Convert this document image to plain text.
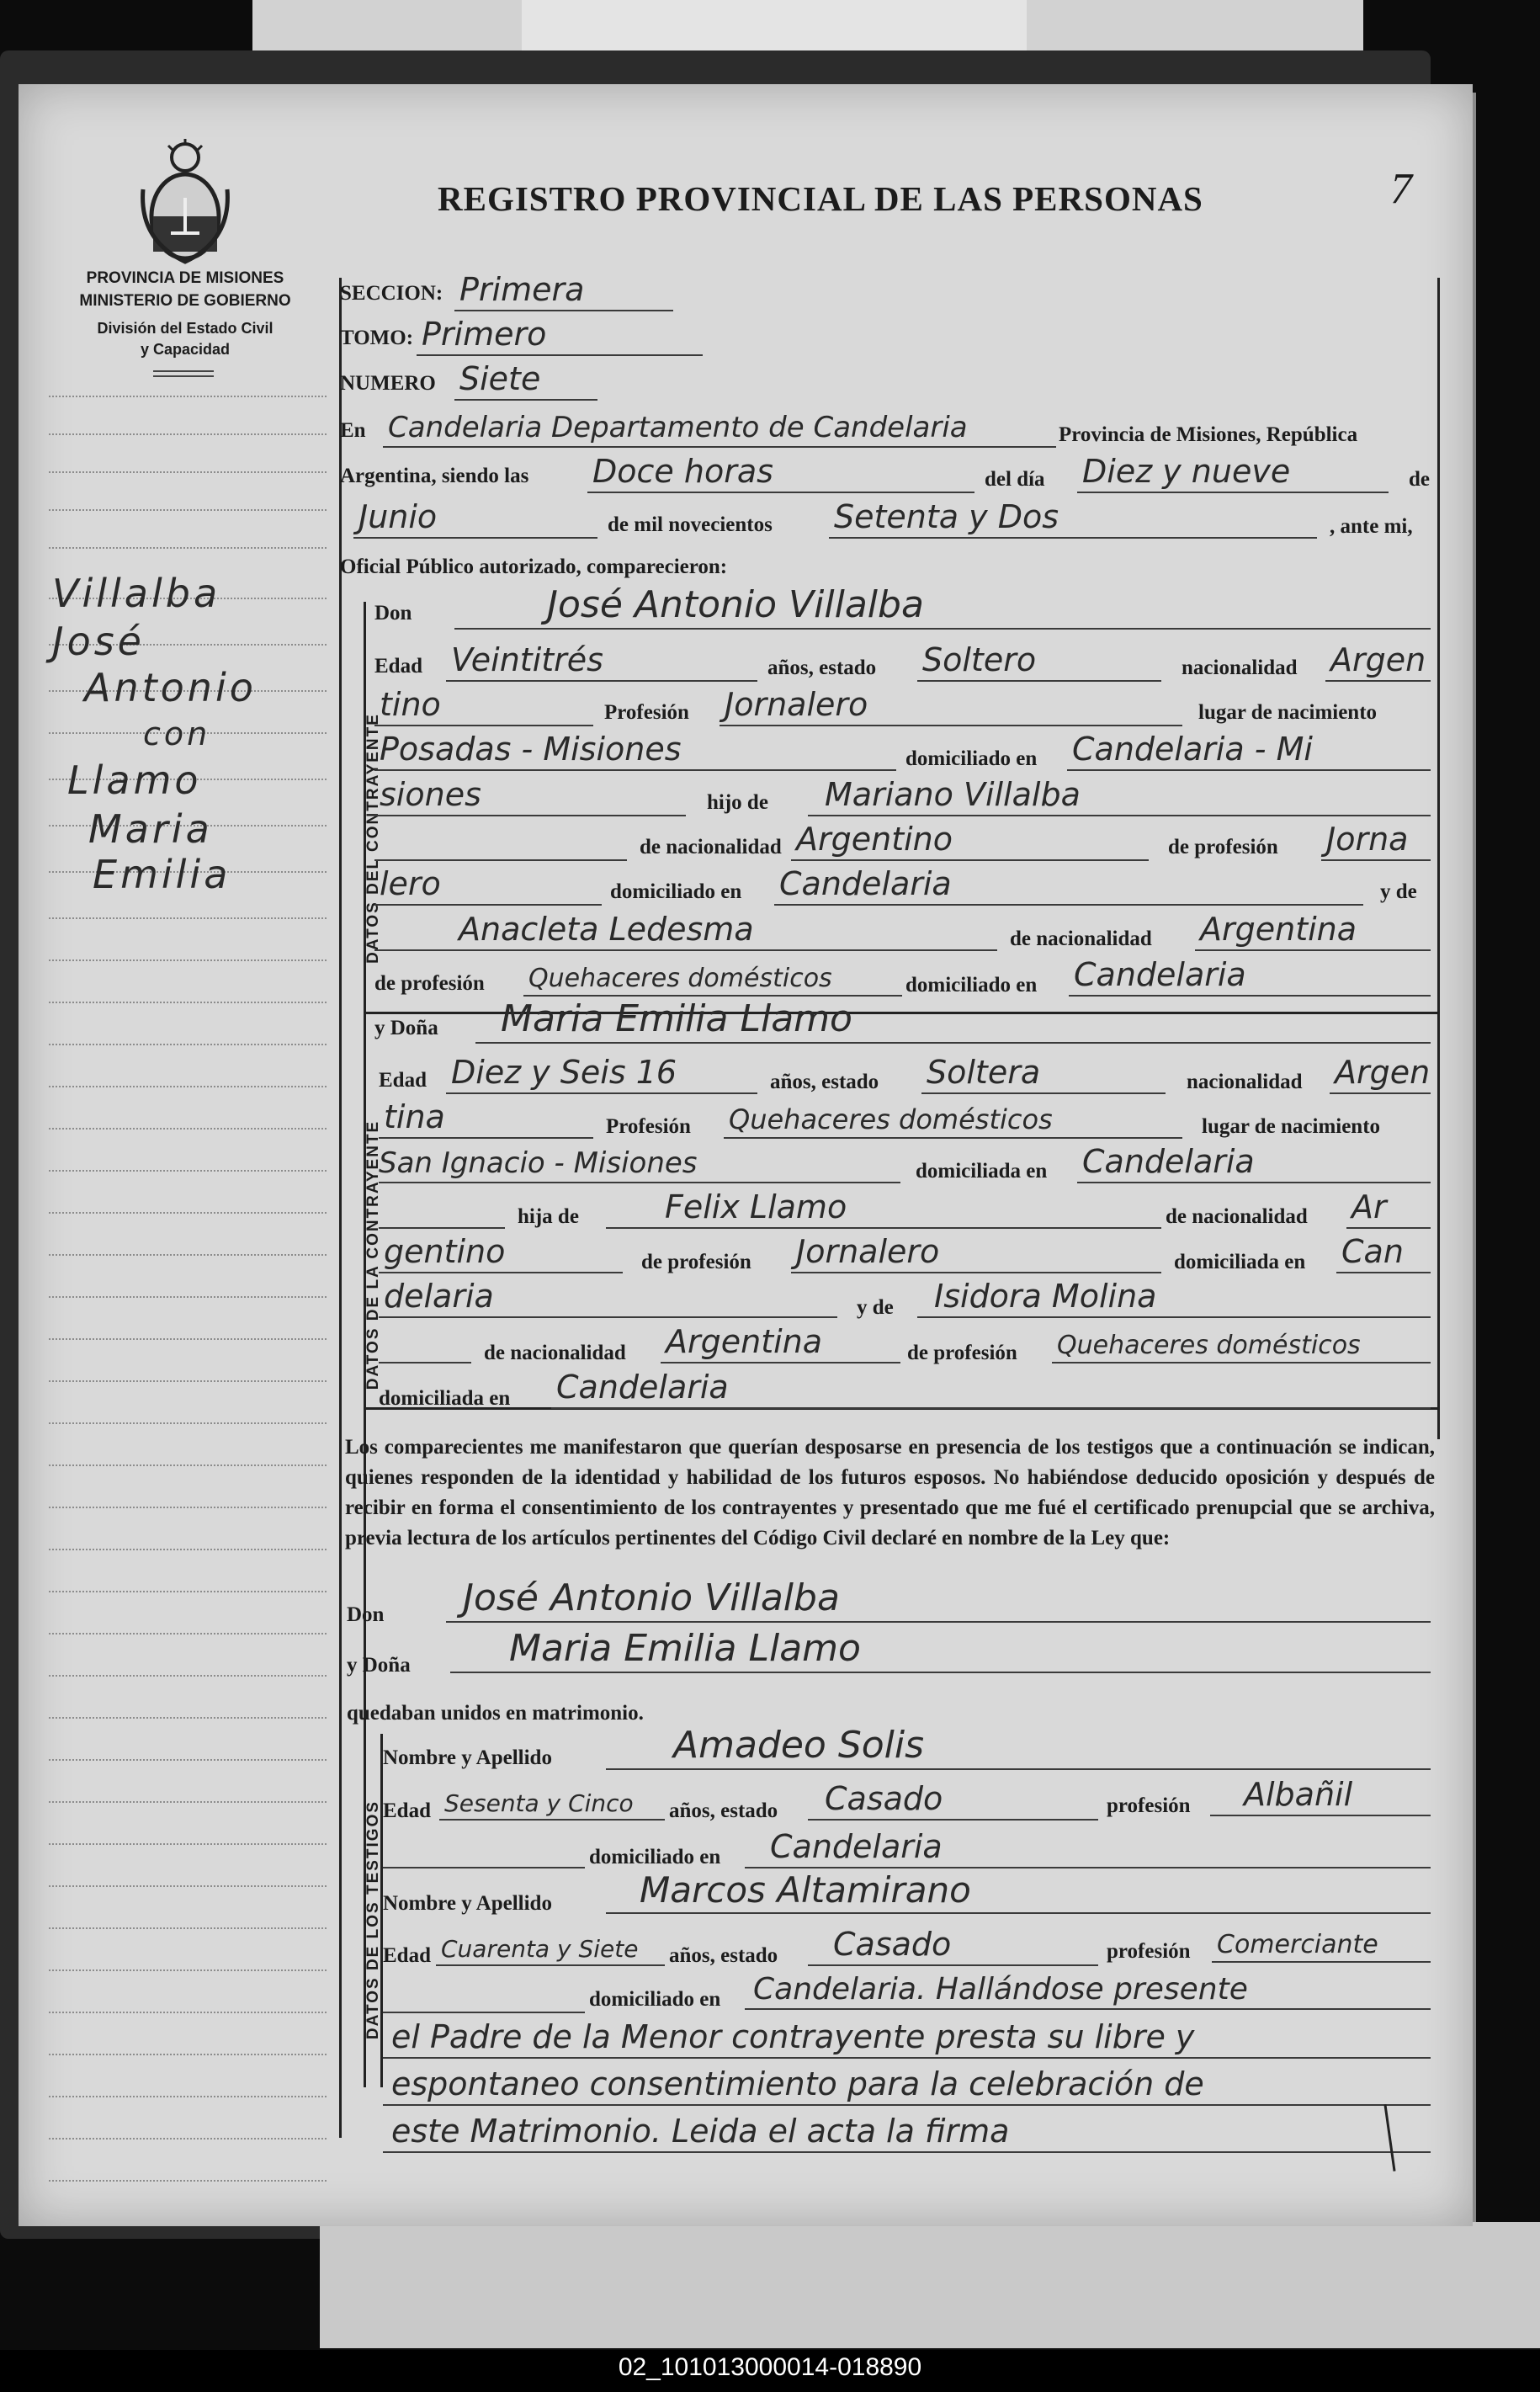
PROVINCIA DE MISIONES
MINISTERIO DE GOBIERNO
División del Estado Civil
y Capacidad
REGISTRO PROVINCIAL DE LAS PERSONAS	7
Villalba
José
Antonio
con
Llamo
Maria
Emilia	DATOS DEL CONTRAYENTE
DATOS DE LA CONTRAYENTE
DATOS DE LOS TESTIGOS
SECCION: Primera
TOMO: Primero
NUMERO Siete
En Candelaria Departamento de Candelaria	Provincia de Misiones, República
Argentina, siendo las Doce horas	del día Diez y nueve	de
Junio	de mil novecientos Setenta y Dos	, ante mi,
Oficial Público autorizado, comparecieron:
Don	José Antonio Villalba
Edad Veintitrés	años, estado Soltero	nacionalidad Argen
tino	Profesión Jornalero	lugar de nacimiento
Posadas - Misiones	domiciliado en Candelaria - Mi
siones	hijo de Mariano Villalba
de nacionalidad Argentino	de profesión Jorna
lero	domiciliado en Candelaria	y de
Anacleta Ledesma	de nacionalidad Argentina
de profesión Quehaceres domésticos	domiciliado en Candelaria
y Doña Maria Emilia Llamo
Edad Diez y Seis 16	años, estado Soltera	nacionalidad Argen
tina	Profesión Quehaceres domésticos	lugar de nacimiento
San Ignacio - Misiones	domiciliada en Candelaria
hija de	Felix Llamo	de nacionalidad Ar
gentino	de profesión Jornalero	domiciliada en Can
delaria	y de Isidora Molina
de nacionalidad Argentina	de profesión Quehaceres domésticos
domiciliada en Candelaria
Los comparecientes me manifestaron que querían desposarse en presencia de los testigos que a continuación se indican, quienes responden de la identidad y habilidad de los futuros esposos. No habiéndose deducido oposición y después de recibir en forma el consentimiento de los contrayentes y presentado que me fué el certificado prenupcial que se archiva, previa lectura de los artículos pertinentes del Código Civil declaré en nombre de la Ley que:
Don José Antonio Villalba
y Doña	Maria Emilia Llamo
quedaban unidos en matrimonio.
Nombre y Apellido	Amadeo Solis
Edad Sesenta y Cinco años, estado Casado	profesión Albañil
domiciliado en Candelaria
Nombre y Apellido Marcos Altamirano
Edad Cuarenta y Siete años, estado Casado	profesión Comerciante
domiciliado en Candelaria. Hallándose presente
el Padre de la Menor contrayente presta su libre y
espontaneo consentimiento para la celebración de
este Matrimonio. Leida el acta la firma
02_101013000014-018890
